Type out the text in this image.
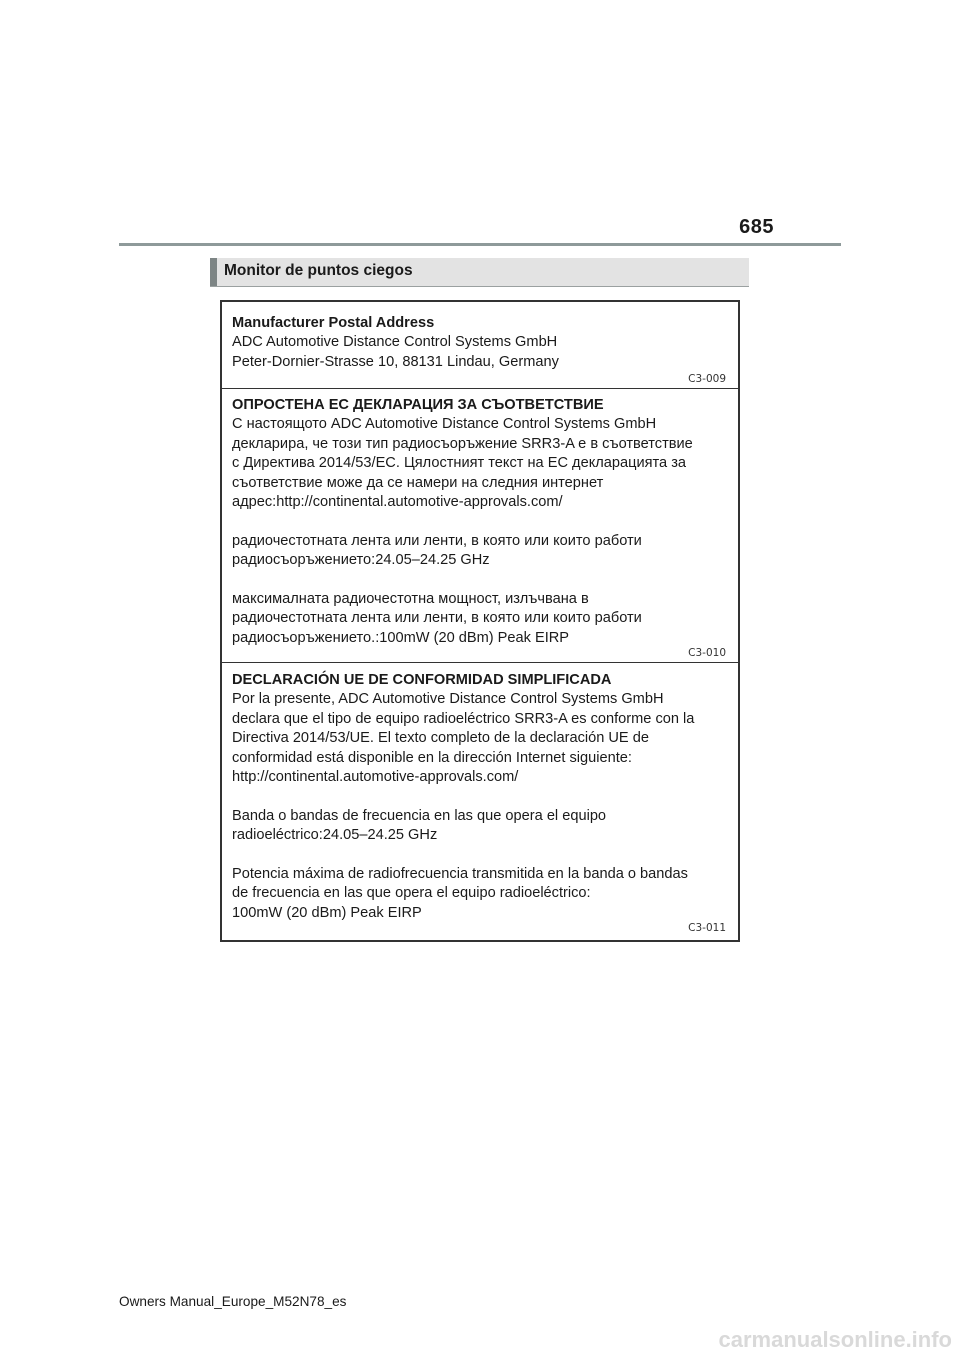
685
Monitor de puntos ciegos

Manufacturer Postal Address

ADC Automotive Distance Control Systems GmbH

Peter-Dornier-Strasse 10, 88131 Lindau, Germany

C3-009

ОПРОСТЕНА ЕС ДЕКЛАРАЦИЯ ЗА СЪОТВЕТСТВИЕ

С настоящото ADC Automotive Distance Control Systems GmbH

декларира, че този тип радиосъоръжение SRR3-A е в съответствие

с Директива 2014/53/ЕС. Цялостният текст на ЕС декларацията за

съответствие може да се намери на следния интернет

адрес:http://continental.automotive-approvals.com/

радиочестотната лента или ленти, в която или които работи

радиосъоръжението:24.05–24.25 GHz

максималната радиочестотна мощност, излъчвана в

радиочестотната лента или ленти, в която или които работи

радиосъоръжението.:100mW (20 dBm) Peak EIRP

C3-010

DECLARACIÓN UE DE CONFORMIDAD SIMPLIFICADA

Por la presente, ADC Automotive Distance Control Systems GmbH

declara que el tipo de equipo radioeléctrico SRR3-A es conforme con la

Directiva 2014/53/UE. El texto completo de la declaración UE de

conformidad está disponible en la dirección Internet siguiente:

http://continental.automotive-approvals.com/

Banda o bandas de frecuencia en las que opera el equipo

radioeléctrico:24.05–24.25 GHz

Potencia máxima de radiofrecuencia transmitida en la banda o bandas

de frecuencia en las que opera el equipo radioeléctrico:

100mW (20 dBm) Peak EIRP

C3-011
Owners Manual_Europe_M52N78_es
carmanualsonline.info
